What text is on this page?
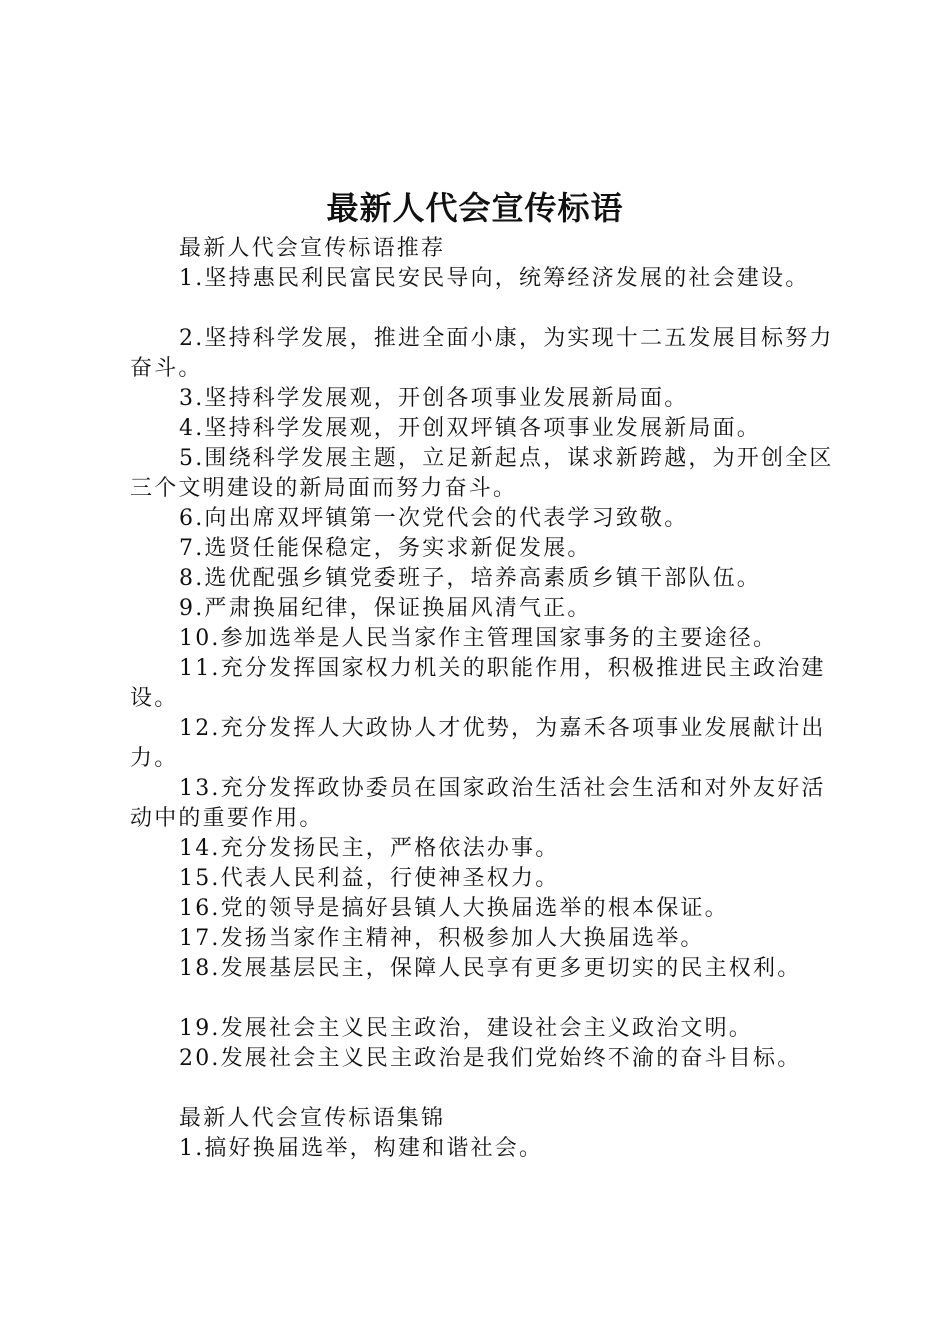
最新人代会宣传标语

最新人代会宣传标语推荐

1.坚持惠民利民富民安民导向，统筹经济发展的社会建设。

2.坚持科学发展，推进全面小康，为实现十二五发展目标努力奋斗。

3.坚持科学发展观，开创各项事业发展新局面。

4.坚持科学发展观，开创双坪镇各项事业发展新局面。

5.围绕科学发展主题，立足新起点，谋求新跨越，为开创全区三个文明建设的新局面而努力奋斗。

6.向出席双坪镇第一次党代会的代表学习致敬。

7.选贤任能保稳定，务实求新促发展。

8.选优配强乡镇党委班子，培养高素质乡镇干部队伍。

9.严肃换届纪律，保证换届风清气正。

10.参加选举是人民当家作主管理国家事务的主要途径。

11.充分发挥国家权力机关的职能作用，积极推进民主政治建设。

12.充分发挥人大政协人才优势，为嘉禾各项事业发展献计出力。

13.充分发挥政协委员在国家政治生活社会生活和对外友好活动中的重要作用。

14.充分发扬民主，严格依法办事。

15.代表人民利益，行使神圣权力。

16.党的领导是搞好县镇人大换届选举的根本保证。

17.发扬当家作主精神，积极参加人大换届选举。

18.发展基层民主，保障人民享有更多更切实的民主权利。

19.发展社会主义民主政治，建设社会主义政治文明。

20.发展社会主义民主政治是我们党始终不渝的奋斗目标。

最新人代会宣传标语集锦

1.搞好换届选举，构建和谐社会。
